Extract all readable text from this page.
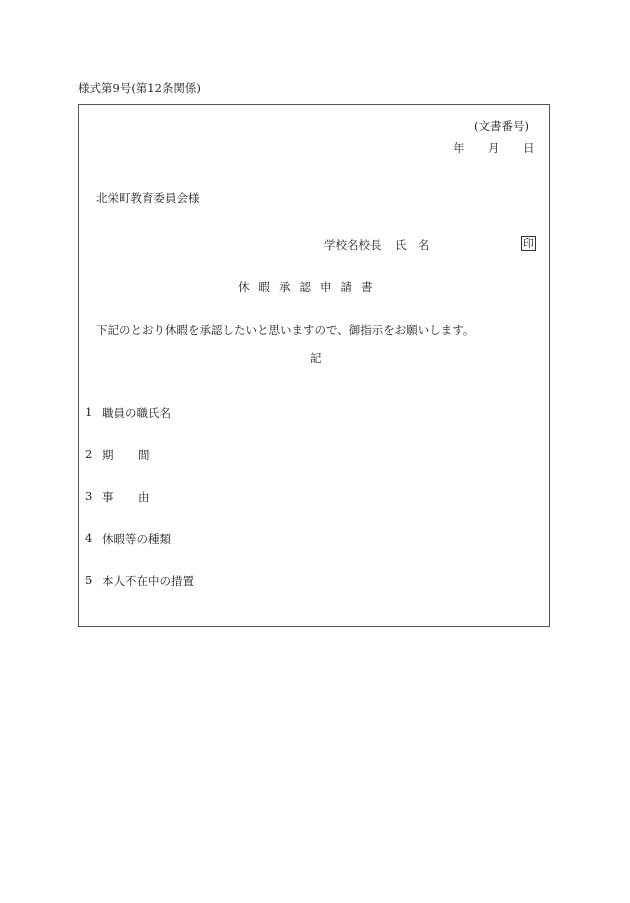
様式第9号(第12条関係)
(文書番号)
年 月 日
北栄町教育委員会様
学校名校長 氏 名	印
休暇承認申請書
下記のとおり休暇を承認したいと思いますので、御指示をお願いします。
記
1 職員の職氏名
2 期 間
3 事 由
4 休暇等の種類
5 本人不在中の措置
